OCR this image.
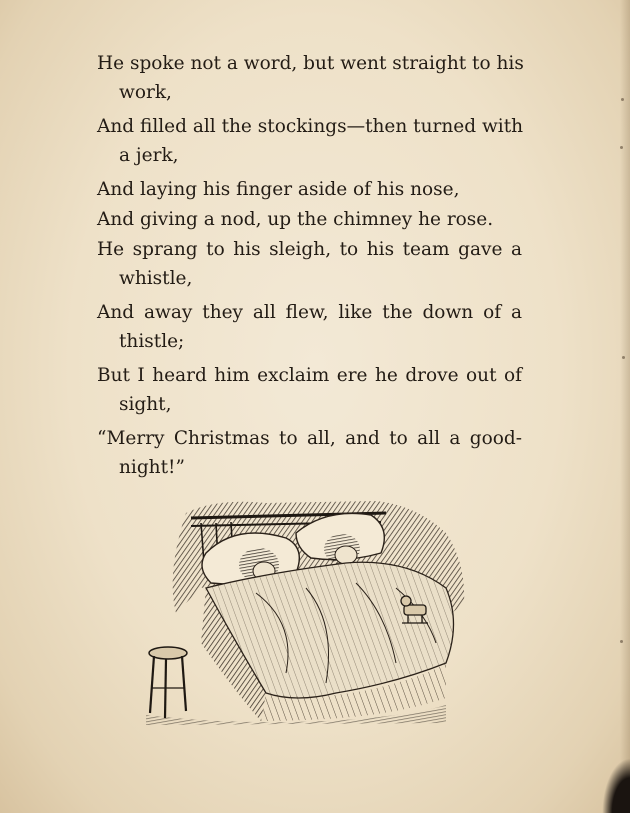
He spoke not a word, but went straight to his
work,
And filled all the stockings—then turned with
a jerk,
And laying his finger aside of his nose,
And giving a nod, up the chimney he rose.
He sprang to his sleigh, to his team gave a
whistle,
And away they all flew, like the down of a
thistle;
But I heard him exclaim ere he drove out of
sight,
“Merry Christmas to all, and to all a good-
night!”
